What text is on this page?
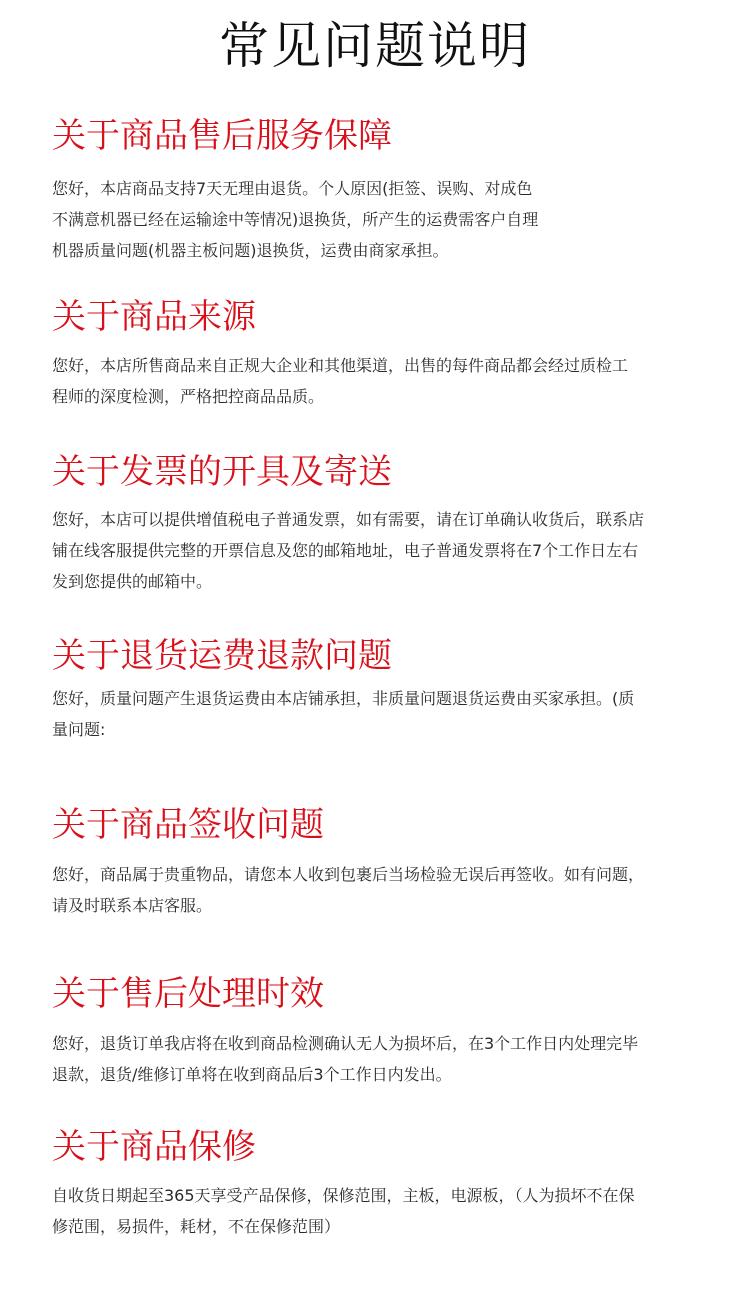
常见问题说明
关于商品售后服务保障

您好，本店商品支持7天无理由退货。个人原因(拒签、误购、对成色
不满意机器已经在运输途中等情况)退换货，所产生的运费需客户自理
机器质量问题(机器主板问题)退换货，运费由商家承担。

关于商品来源

您好，本店所售商品来自正规大企业和其他渠道，出售的每件商品都会经过质检工
程师的深度检测，严格把控商品品质。

关于发票的开具及寄送

您好，本店可以提供增值税电子普通发票，如有需要，请在订单确认收货后，联系店
铺在线客服提供完整的开票信息及您的邮箱地址，电子普通发票将在7个工作日左右
发到您提供的邮箱中。

关于退货运费退款问题

您好，质量问题产生退货运费由本店铺承担，非质量问题退货运费由买家承担。(质
量问题:

关于商品签收问题

您好，商品属于贵重物品，请您本人收到包裹后当场检验无误后再签收。如有问题，
请及时联系本店客服。

关于售后处理时效

您好，退货订单我店将在收到商品检测确认无人为损坏后，在3个工作日内处理完毕
退款，退货/维修订单将在收到商品后3个工作日内发出。

关于商品保修

自收货日期起至365天享受产品保修，保修范围，主板，电源板，（人为损坏不在保
修范围，易损件，耗材，不在保修范围）
